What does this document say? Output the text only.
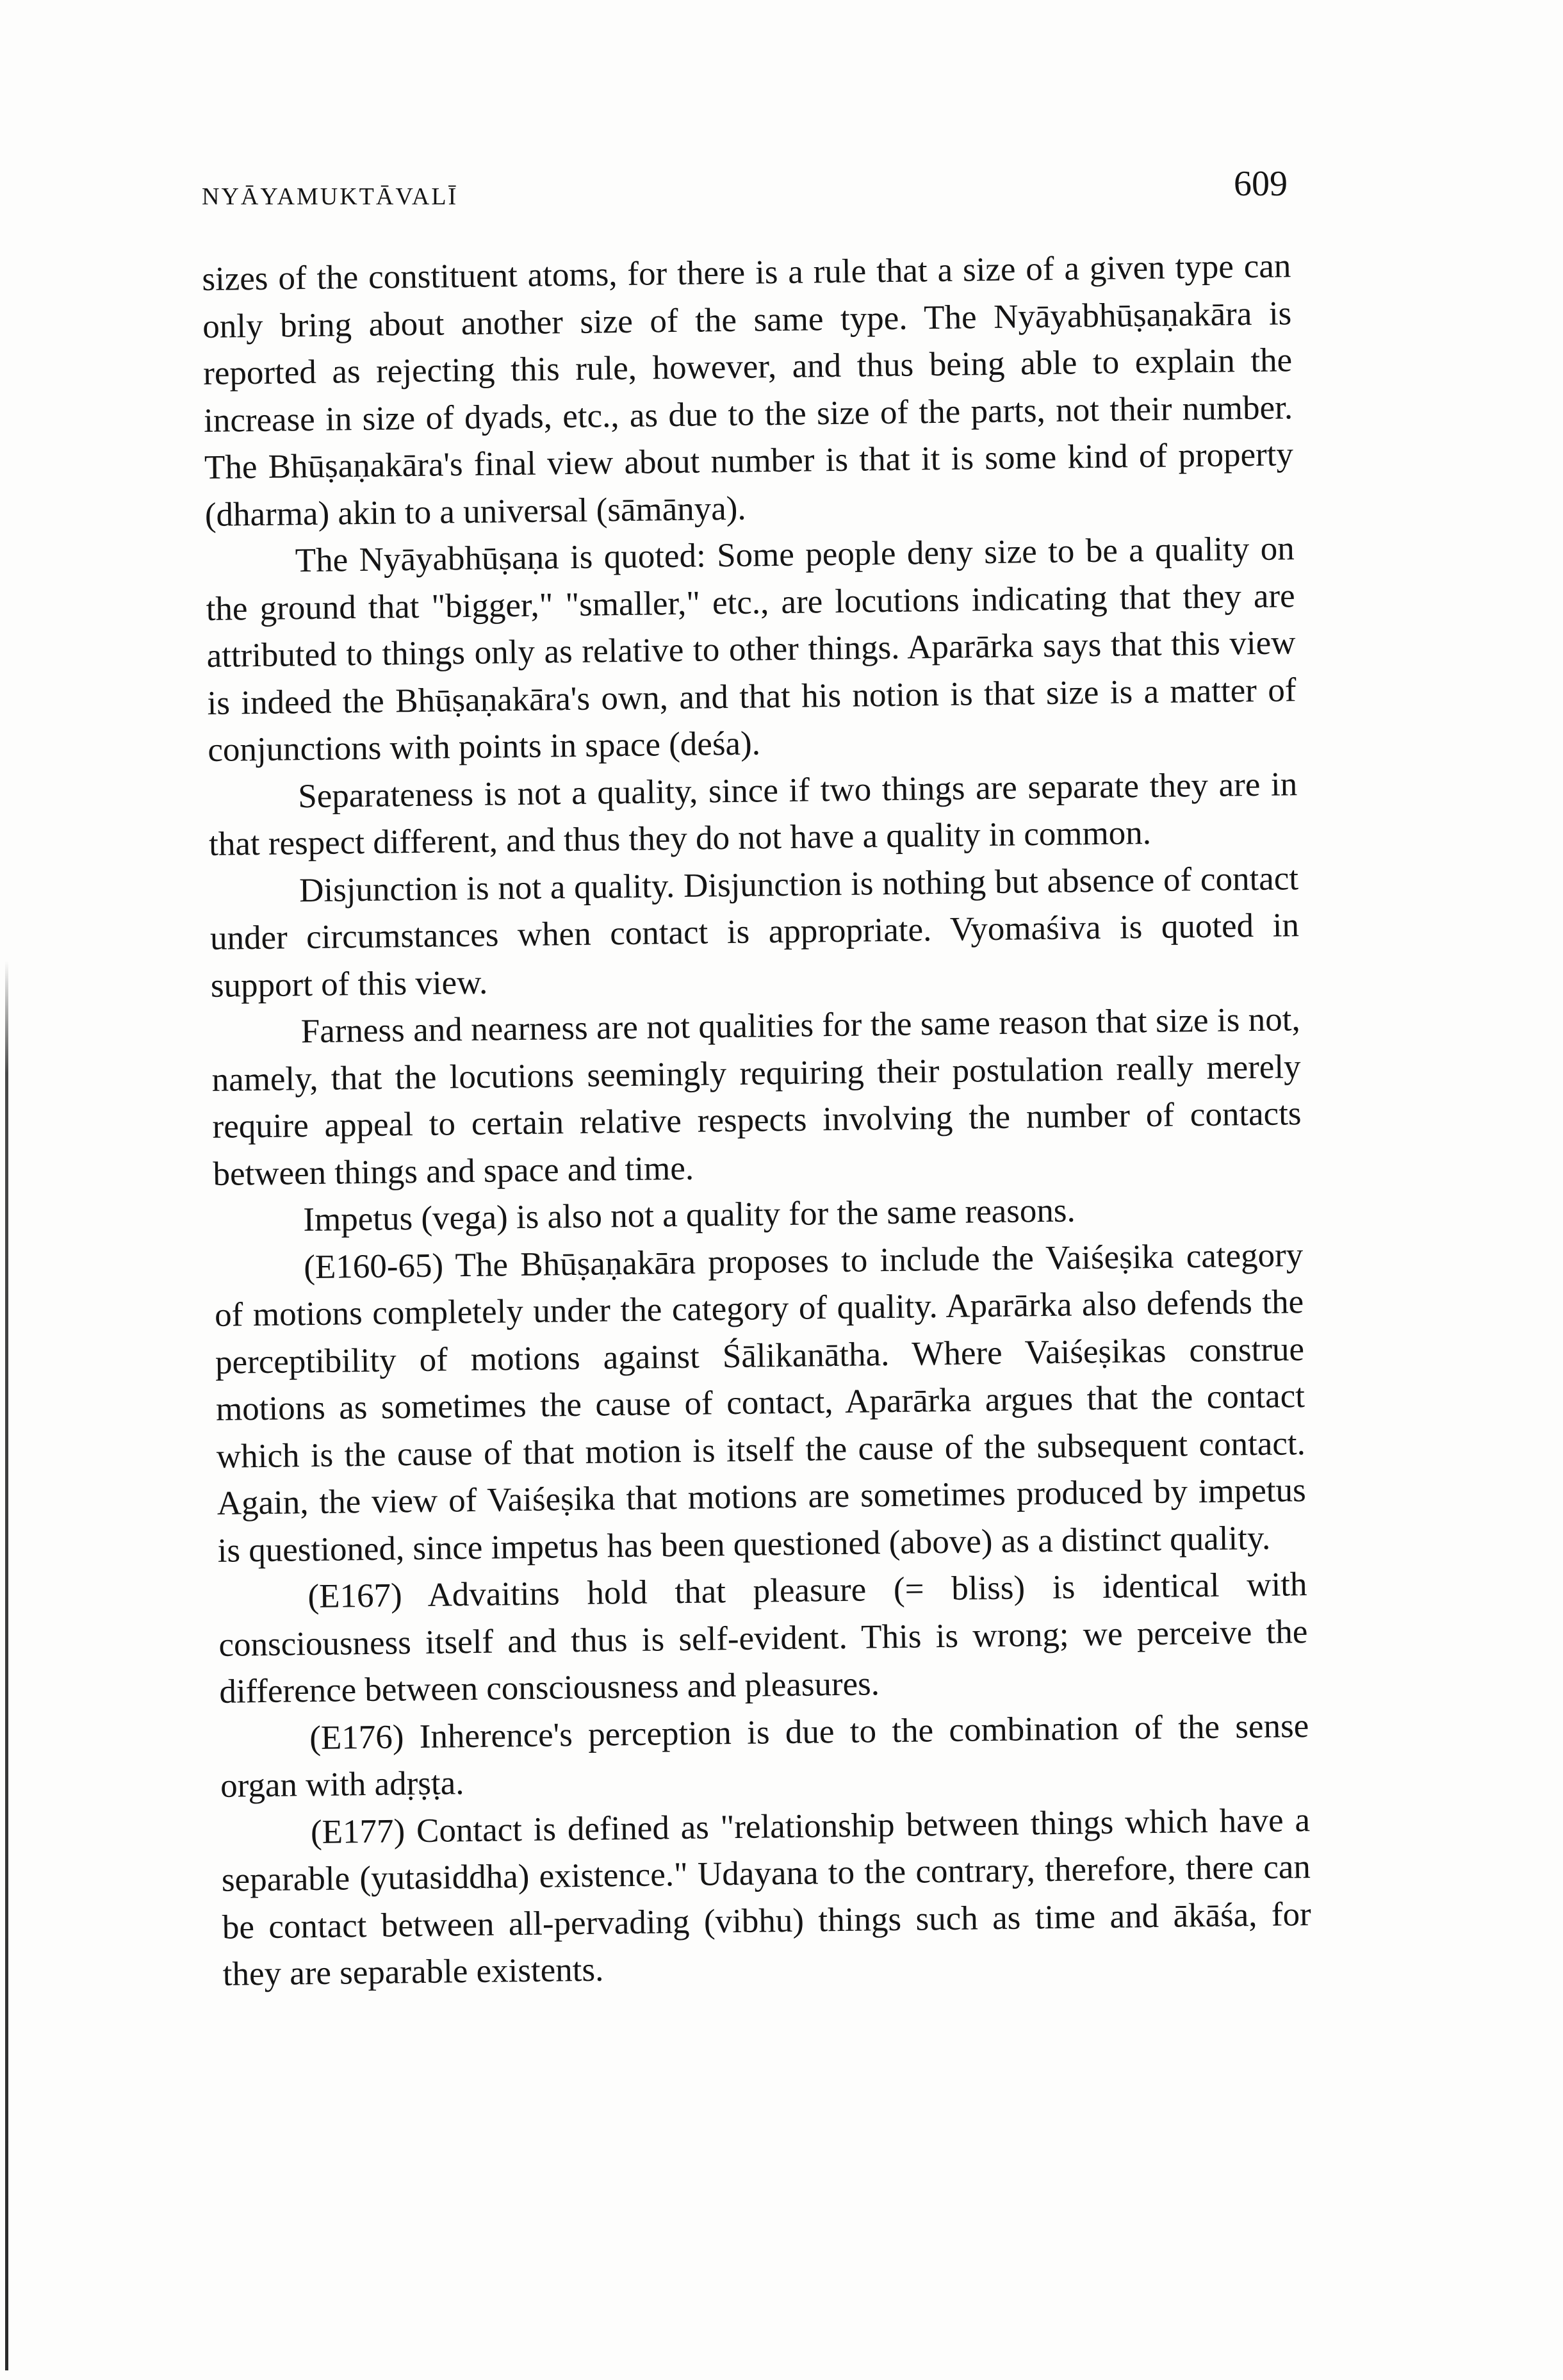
NYĀYAMUKTĀVALĪ	609

sizes of the constituent atoms, for there is a rule that a size of a given type can only bring about another size of the same type. The Nyāyabhūṣaṇakāra is reported as rejecting this rule, however, and thus being able to explain the increase in size of dyads, etc., as due to the size of the parts, not their number. The Bhūṣaṇakāra's final view about number is that it is some kind of property (dharma) akin to a universal (sāmānya).

The Nyāyabhūṣaṇa is quoted: Some people deny size to be a quality on the ground that "bigger," "smaller," etc., are locutions indicating that they are attributed to things only as relative to other things. Aparārka says that this view is indeed the Bhūṣaṇakāra's own, and that his notion is that size is a matter of conjunctions with points in space (deśa).

Separateness is not a quality, since if two things are separate they are in that respect different, and thus they do not have a quality in common.

Disjunction is not a quality. Disjunction is nothing but absence of contact under circumstances when contact is appropriate. Vyomaśiva is quoted in support of this view.

Farness and nearness are not qualities for the same reason that size is not, namely, that the locutions seemingly requiring their postulation really merely require appeal to certain relative respects involving the number of contacts between things and space and time.

Impetus (vega) is also not a quality for the same reasons.

(E160-65) The Bhūṣaṇakāra proposes to include the Vaiśeṣika category of motions completely under the category of quality. Aparārka also defends the perceptibility of motions against Śālikanātha. Where Vaiśeṣikas construe motions as sometimes the cause of contact, Aparārka argues that the contact which is the cause of that motion is itself the cause of the subsequent contact. Again, the view of Vaiśeṣika that motions are sometimes produced by impetus is questioned, since impetus has been questioned (above) as a distinct quality.

(E167) Advaitins hold that pleasure (= bliss) is identical with consciousness itself and thus is self-evident. This is wrong; we perceive the difference between consciousness and pleasures.

(E176) Inherence's perception is due to the combination of the sense organ with adṛṣṭa.

(E177) Contact is defined as "relationship between things which have a separable (yutasiddha) existence." Udayana to the contrary, therefore, there can be contact between all-pervading (vibhu) things such as time and ākāśa, for they are separable existents.
